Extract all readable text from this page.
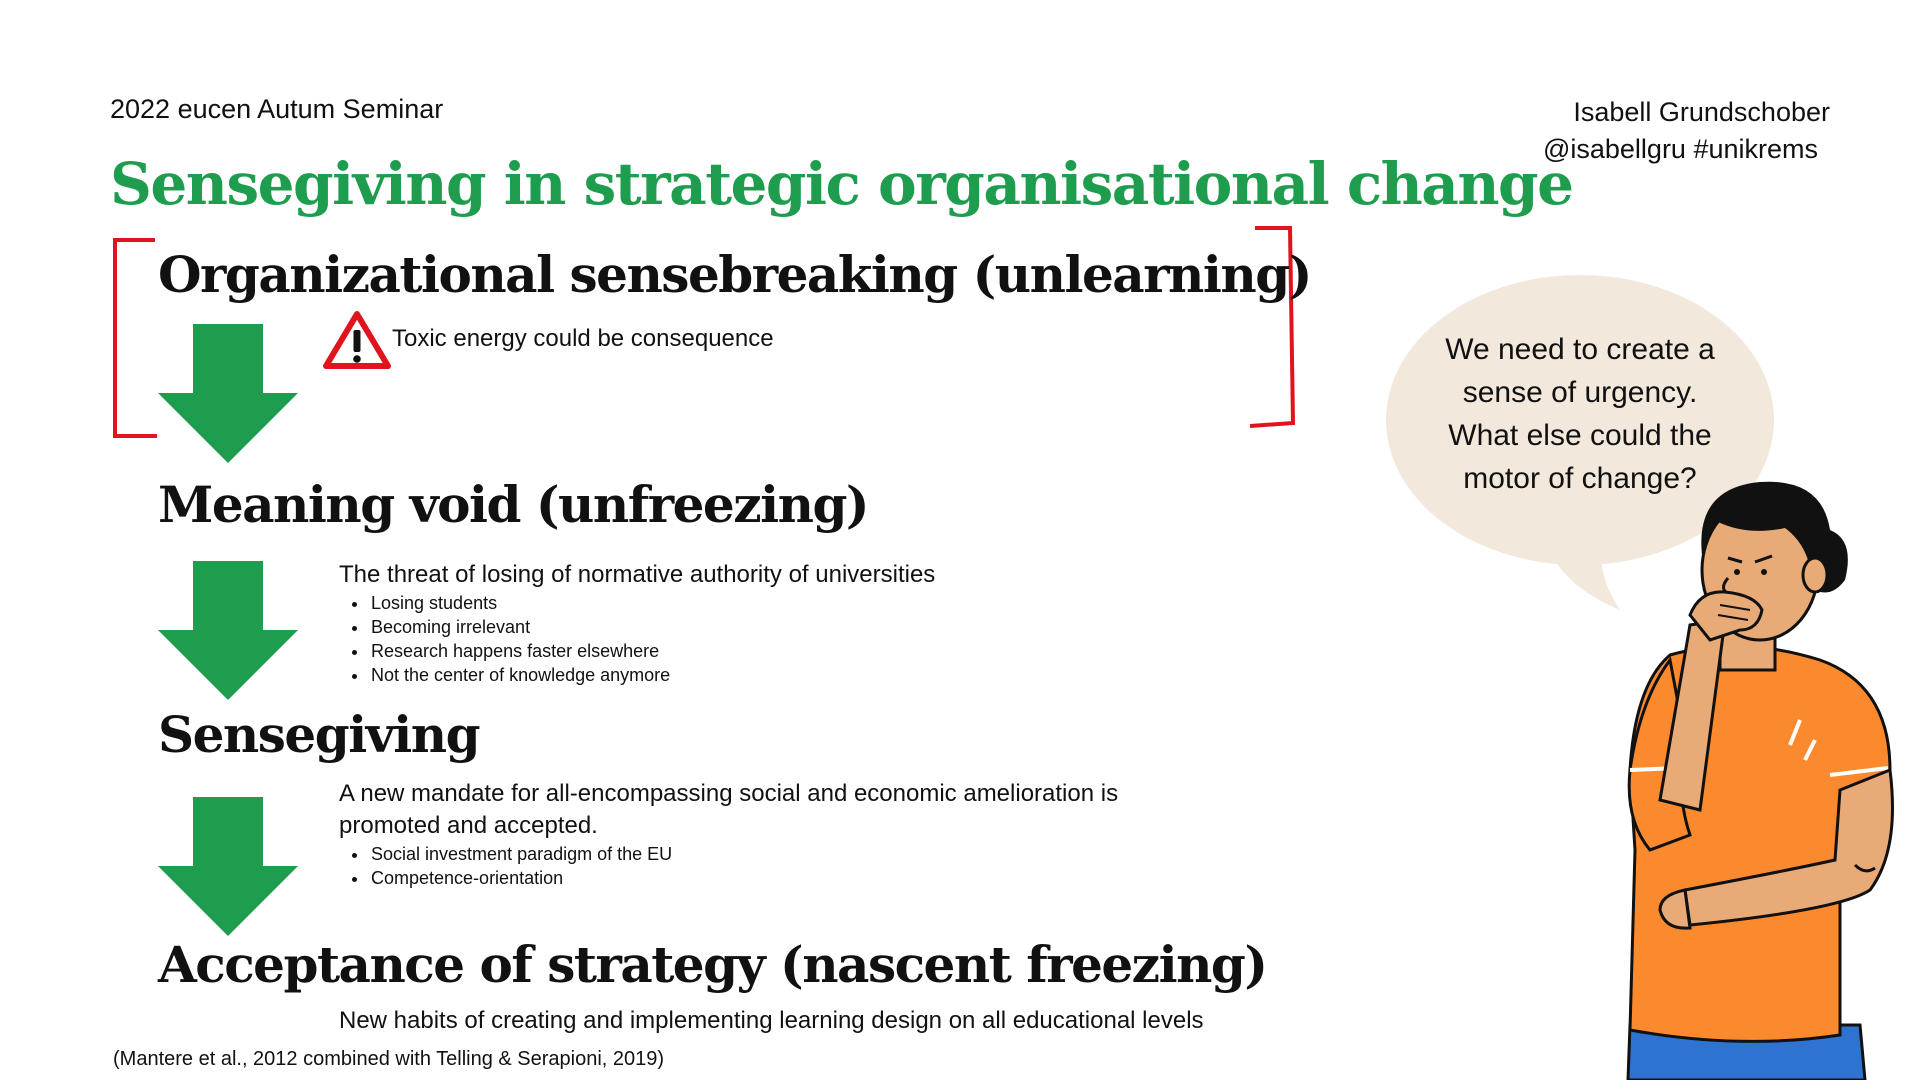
2022 eucen Autum Seminar	Isabell Grundschober
@isabellgru #unikrems
Sensegiving in strategic organisational change
Organizational sensebreaking (unlearning)
Toxic energy could be consequence
Meaning void (unfreezing)
The threat of losing of normative authority of universities
• Losing students
• Becoming irrelevant
• Research happens faster elsewhere
• Not the center of knowledge anymore
Sensegiving
A new mandate for all-encompassing social and economic amelioration is promoted and accepted.
• Social investment paradigm of the EU
• Competence-orientation
Acceptance of strategy (nascent freezing)
New habits of creating and implementing learning design on all educational levels
(Mantere et al., 2012 combined with Telling & Serapioni, 2019)
We need to create a
sense of urgency.
What else could the
motor of change?
